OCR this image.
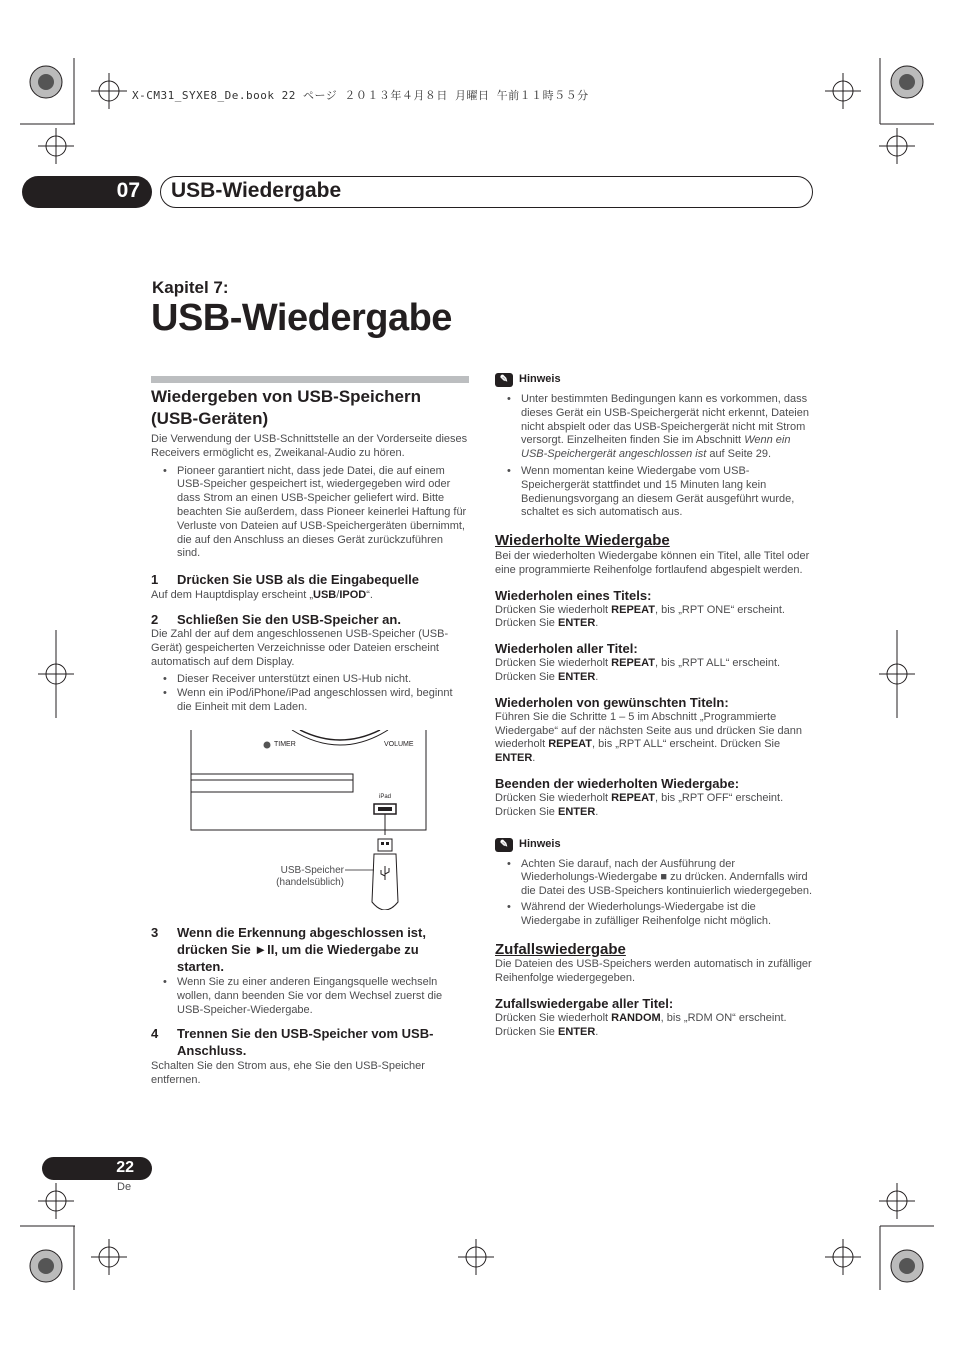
X-CM31_SYXE8_De.book 22 ページ ２０１３年４月８日 月曜日 午前１１時５５分
07 USB-Wiedergabe
Kapitel 7:
USB-Wiedergabe

Wiedergeben von USB-Speichern (USB-Geräten)

Die Verwendung der USB-Schnittstelle an der Vorderseite dieses Receivers ermöglicht es, Zweikanal-Audio zu hören.

• Pioneer garantiert nicht, dass jede Datei, die auf einem USB-Speicher gespeichert ist, wiedergegeben wird oder dass Strom an einen USB-Speicher geliefert wird. Bitte beachten Sie außerdem, dass Pioneer keinerlei Haftung für Verluste von Dateien auf USB-Speichergeräten übernimmt, die auf den Anschluss an dieses Gerät zurückzuführen sind.

1 Drücken Sie USB als die Eingabequelle

Auf dem Hauptdisplay erscheint „USB/IPOD“.

2 Schließen Sie den USB-Speicher an.

Die Zahl der auf dem angeschlossenen USB-Speicher (USB-Gerät) gespeicherten Verzeichnisse oder Dateien erscheint automatisch auf dem Display.

• Dieser Receiver unterstützt einen US-Hub nicht.
• Wenn ein iPod/iPhone/iPad angeschlossen wird, beginnt die Einheit mit dem Laden.
TIMER	VOLUME
iPad
USB-Speicher
(handelsüblich)

3 Wenn die Erkennung abgeschlossen ist, drücken Sie ►II, um die Wiedergabe zu starten.

• Wenn Sie zu einer anderen Eingangsquelle wechseln wollen, dann beenden Sie vor dem Wechsel zuerst die USB-Speicher-Wiedergabe.

4 Trennen Sie den USB-Speicher vom USB-Anschluss.

Schalten Sie den Strom aus, ehe Sie den USB-Speicher entfernen.

✎ Hinweis
• Unter bestimmten Bedingungen kann es vorkommen, dass dieses Gerät ein USB-Speichergerät nicht erkennt, Dateien nicht abspielt oder das USB-Speichergerät nicht mit Strom versorgt. Einzelheiten finden Sie im Abschnitt Wenn ein USB-Speichergerät angeschlossen ist auf Seite 29.
• Wenn momentan keine Wiedergabe vom USB-Speichergerät stattfindet und 15 Minuten lang kein Bedienungsvorgang an diesem Gerät ausgeführt wurde, schaltet es sich automatisch aus.

Wiederholte Wiedergabe

Bei der wiederholten Wiedergabe können ein Titel, alle Titel oder eine programmierte Reihenfolge fortlaufend abgespielt werden.

Wiederholen eines Titels:

Drücken Sie wiederholt REPEAT, bis „RPT ONE“ erscheint. Drücken Sie ENTER.

Wiederholen aller Titel:

Drücken Sie wiederholt REPEAT, bis „RPT ALL“ erscheint. Drücken Sie ENTER.

Wiederholen von gewünschten Titeln:

Führen Sie die Schritte 1 – 5 im Abschnitt „Programmierte Wiedergabe“ auf der nächsten Seite aus und drücken Sie dann wiederholt REPEAT, bis „RPT ALL“ erscheint. Drücken Sie ENTER.

Beenden der wiederholten Wiedergabe:

Drücken Sie wiederholt REPEAT, bis „RPT OFF“ erscheint. Drücken Sie ENTER.

✎ Hinweis
• Achten Sie darauf, nach der Ausführung der Wiederholungs-Wiedergabe ■ zu drücken. Andernfalls wird die Datei des USB-Speichers kontinuierlich wiedergegeben.
• Während der Wiederholungs-Wiedergabe ist die Wiedergabe in zufälliger Reihenfolge nicht möglich.

Zufallswiedergabe

Die Dateien des USB-Speichers werden automatisch in zufälliger Reihenfolge wiedergegeben.

Zufallswiedergabe aller Titel:

Drücken Sie wiederholt RANDOM, bis „RDM ON“ erscheint. Drücken Sie ENTER.

22
De
